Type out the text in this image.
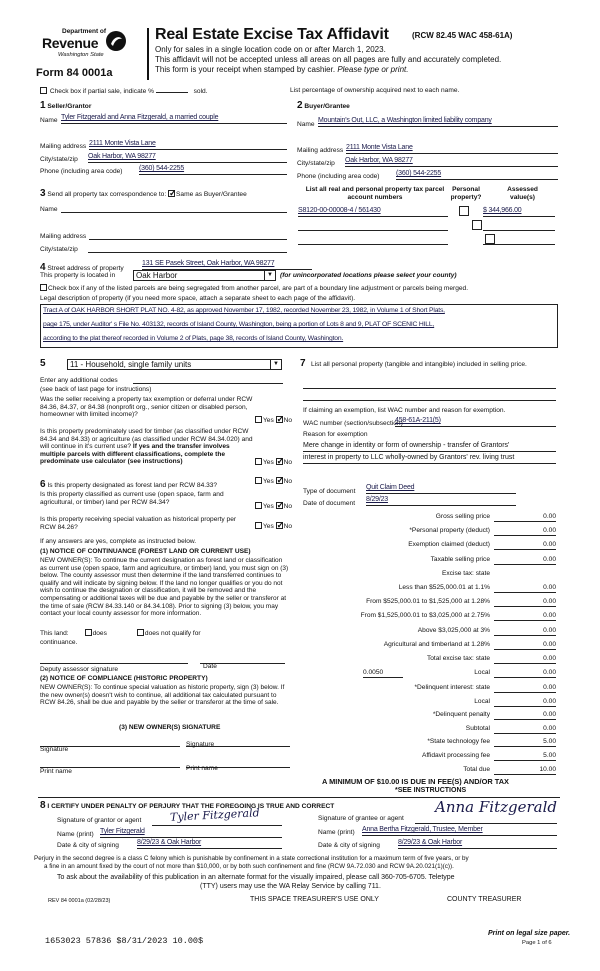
Department of
Revenue
Washington State
Form 84 0001a
Real Estate Excise Tax Affidavit	(RCW 82.45 WAC 458-61A)
Only for sales in a single location code on or after March 1, 2023.
This affidavit will not be accepted unless all areas on all pages are fully and accurately completed.
This form is your receipt when stamped by cashier. Please type or print.
Check box if partial sale, indicate %	sold.	List percentage of ownership acquired next to each name.
1 Seller/Grantor
Name Tyler Fitzgerald and Anna Fitzgerald, a married couple
Mailing address 2111 Monte Vista Lane
City/state/zip Oak Harbor, WA 98277
Phone (including area code) (360) 544-2255
2 Buyer/Grantee
Name
Mountain's Out, LLC, a Washington limited liability company
Mailing address 2111 Monte Vista Lane
City/state/zip Oak Harbor, WA 98277
Phone (including area code) (360) 544-2255
3 Send all property tax correspondence to: ✓ Same as Buyer/Grantee
Name
Mailing address
City/state/zip
List all real and personal property tax parcel account numbers
Personal property?
Assessed value(s)
S8120-00-00008-4 / 561430
	$ 344,966.00

4 Street address of property
131 SE Pasek Street, Oak Harbor, WA 98277
This property is located in	Oak Harbor	▼	(for unincorporated locations please select your county)
Check box if any of the listed parcels are being segregated from another parcel, are part of a boundary line adjustment or parcels being merged.
Legal description of property (if you need more space, attach a separate sheet to each page of the affidavit).
Tract A of OAK HARBOR SHORT PLAT NO. 4-82, as approved November 17, 1982, recorded November 23, 1982, in Volume 1 of Short Plats,
page 175, under Auditor' s File No. 403132, records of Island County, Washington, being a portion of Lots 8 and 9, PLAT OF SCENIC HILL,
according to the plat thereof recorded in Volume 2 of Plats, page 38, records of Island County, Washington.
5	11 - Household, single family units	▼
Enter any additional codes
(see back of last page for instructions)
Was the seller receiving a property tax exemption or deferral under RCW 84.36, 84.37, or 84.38 (nonprofit org., senior citizen or disabled person, homeowner with limited income)?
Yes ✓ No
Is this property predominately used for timber (as classified under RCW 84.34 and 84.33) or agriculture (as classified under RCW 84.34.020) and will continue in it's current use? If yes and the transfer involves multiple parcels with different classifications, complete the predominate use calculator (see instructions)	Yes ✓ No
6 Is this property designated as forest land per RCW 84.33?
Yes ✓ No
Is this property classified as current use (open space, farm and agricultural, or timber) land per RCW 84.34?
Yes ✓ No
Is this property receiving special valuation as historical property per RCW 84.26?	Yes ✓ No
If any answers are yes, complete as instructed below.
(1) NOTICE OF CONTINUANCE (FOREST LAND OR CURRENT USE)
NEW OWNER(S): To continue the current designation as forest land or classification as current use (open space, farm and agriculture, or timber) land, you must sign on (3) below. The county assessor must then determine if the land transferred continues to qualify and will indicate by signing below. If the land no longer qualifies or you do not wish to continue the designation or classification, it will be removed and the compensating or additional taxes will be due and payable by the seller or transferor at the time of sale (RCW 84.33.140 or 84.34.108). Prior to signing (3) below, you may contact your local county assessor for more information.
This land:	does	does not qualify for
continuance.
Deputy assessor signature	Date
(2) NOTICE OF COMPLIANCE (HISTORIC PROPERTY)
NEW OWNER(S): To continue special valuation as historic property, sign (3) below. If the new owner(s) doesn't wish to continue, all additional tax calculated pursuant to RCW 84.26, shall be due and payable by the seller or transferor at the time of sale.
(3) NEW OWNER(S) SIGNATURE
Signature
Signature
Print name	Print name
7 List all personal property (tangible and intangible) included in selling price.
If claiming an exemption, list WAC number and reason for exemption.
WAC number (section/subsection)
458-61A-211(5)
Reason for exemption
Mere change in identity or form of ownership - transfer of Grantors'
interest in property to LLC wholly-owned by Grantors' rev. living trust
Type of document
Quit Claim Deed
Date of document
8/29/23
Gross selling price	0.00
*Personal property (deduct)	0.00
Exemption claimed (deduct)	0.00
Taxable selling price	0.00
Excise tax: state
Less than $525,000.01 at 1.1%	0.00
From $525,000.01 to $1,525,000 at 1.28%	0.00
From $1,525,000.01 to $3,025,000 at 2.75%	0.00
Above $3,025,000 at 3%	0.00
Agricultural and timberland at 1.28%	0.00
Total excise tax: state	0.00
0.0050	Local	0.00
*Delinquent interest: state	0.00
Local	0.00
*Delinquent penalty	0.00
Subtotal	0.00
*State technology fee	5.00
Affidavit processing fee	5.00
Total due	10.00
A MINIMUM OF $10.00 IS DUE IN FEE(S) AND/OR TAX
*SEE INSTRUCTIONS
8 I CERTIFY UNDER PENALTY OF PERJURY THAT THE FOREGOING IS TRUE AND CORRECT
Signature of grantor or agent	Tyler Fitzgerald
Name (print) Tyler Fitzgerald
Date & city of signing	8/29/23 & Oak Harbor
Signature of grantee or agent
Anna Fitzgerald
Name (print) Anna Bertha Fitzgerald, Trustee, Member
Date & city of signing	8/29/23 & Oak Harbor
Perjury in the second degree is a class C felony which is punishable by confinement in a state correctional institution for a maximum term of five years, or by
a fine in an amount fixed by the court of not more than $10,000, or by both such confinement and fine (RCW 9A.72.030 and RCW 9A.20.021(1)(c)).
To ask about the availability of this publication in an alternate format for the visually impaired, please call 360-705-6705. Teletype
(TTY) users may use the WA Relay Service by calling 711.
REV 84 0001a (02/28/23)	THIS SPACE TREASURER'S USE ONLY	COUNTY TREASURER
1653023 57836 $8/31/2023 10.00$
Print on legal size paper.
Page 1 of 6
